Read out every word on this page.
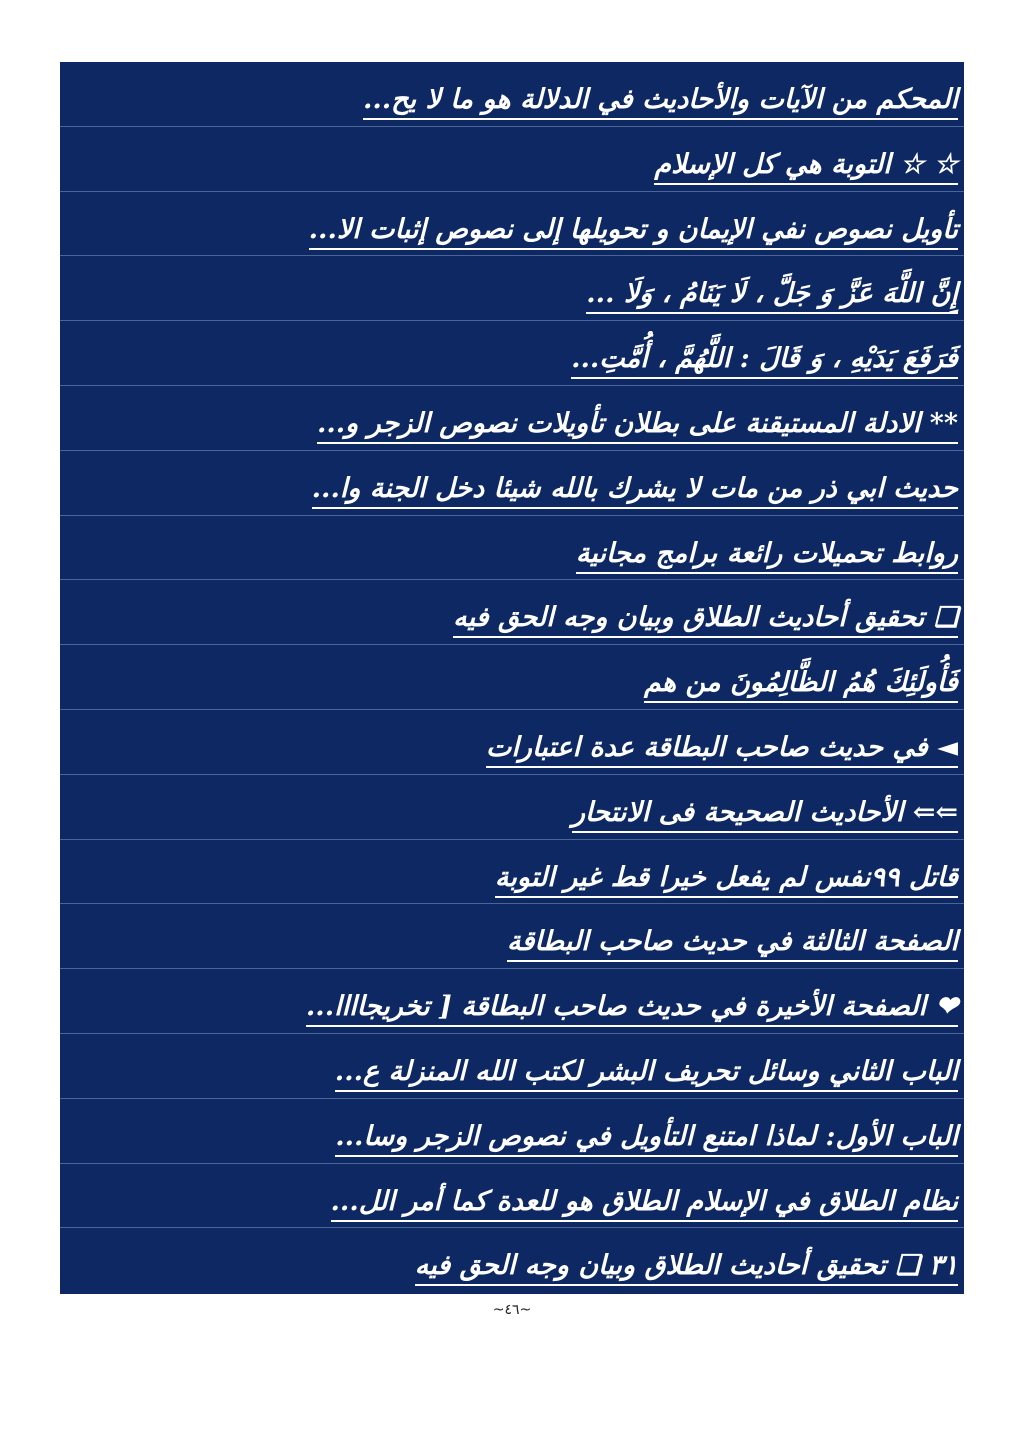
المحكم من الآيات والأحاديث في الدلالة هو ما لا يح...
☆ ☆ التوبة هي كل الإسلام
تأويل نصوص نفي الإيمان و تحويلها إلى نصوص إثبات الا...
إِنَّ اللَّهَ عَزَّ وَ جَلَّ ، لَا يَنَامُ ، وَلَا ...
فَرَفَعَ يَدَيْهِ ، وَ قَالَ : اللَّهُمَّ ، أُمَّتِ...
** الادلة المستيقنة على بطلان تأويلات نصوص الزجر و...
حديث ابي ذر من مات لا يشرك بالله شيئا دخل الجنة وا...
روابط تحميلات رائعة برامج مجانية
❑ تحقيق أحاديث الطلاق وبيان وجه الحق فيه
فَأُولَئِكَ هُمُ الظَّالِمُونَ من هم
◄ في حديث صاحب البطاقة عدة اعتبارات
⇐⇐ الأحاديث الصحيحة فى الانتحار
قاتل ٩٩نفس لم يفعل خيرا قط غير التوبة
الصفحة الثالثة في حديث صاحب البطاقة
❤ الصفحة الأخيرة في حديث صاحب البطاقة [ تخريجاااا...
الباب الثاني وسائل تحريف البشر لكتب الله المنزلة ع...
الباب الأول: لماذا امتنع التأويل في نصوص الزجر وسا...
نظام الطلاق في الإسلام الطلاق هو للعدة كما أمر الل...
٣١ ❑ تحقيق أحاديث الطلاق وبيان وجه الحق فيه
~٤٦~
